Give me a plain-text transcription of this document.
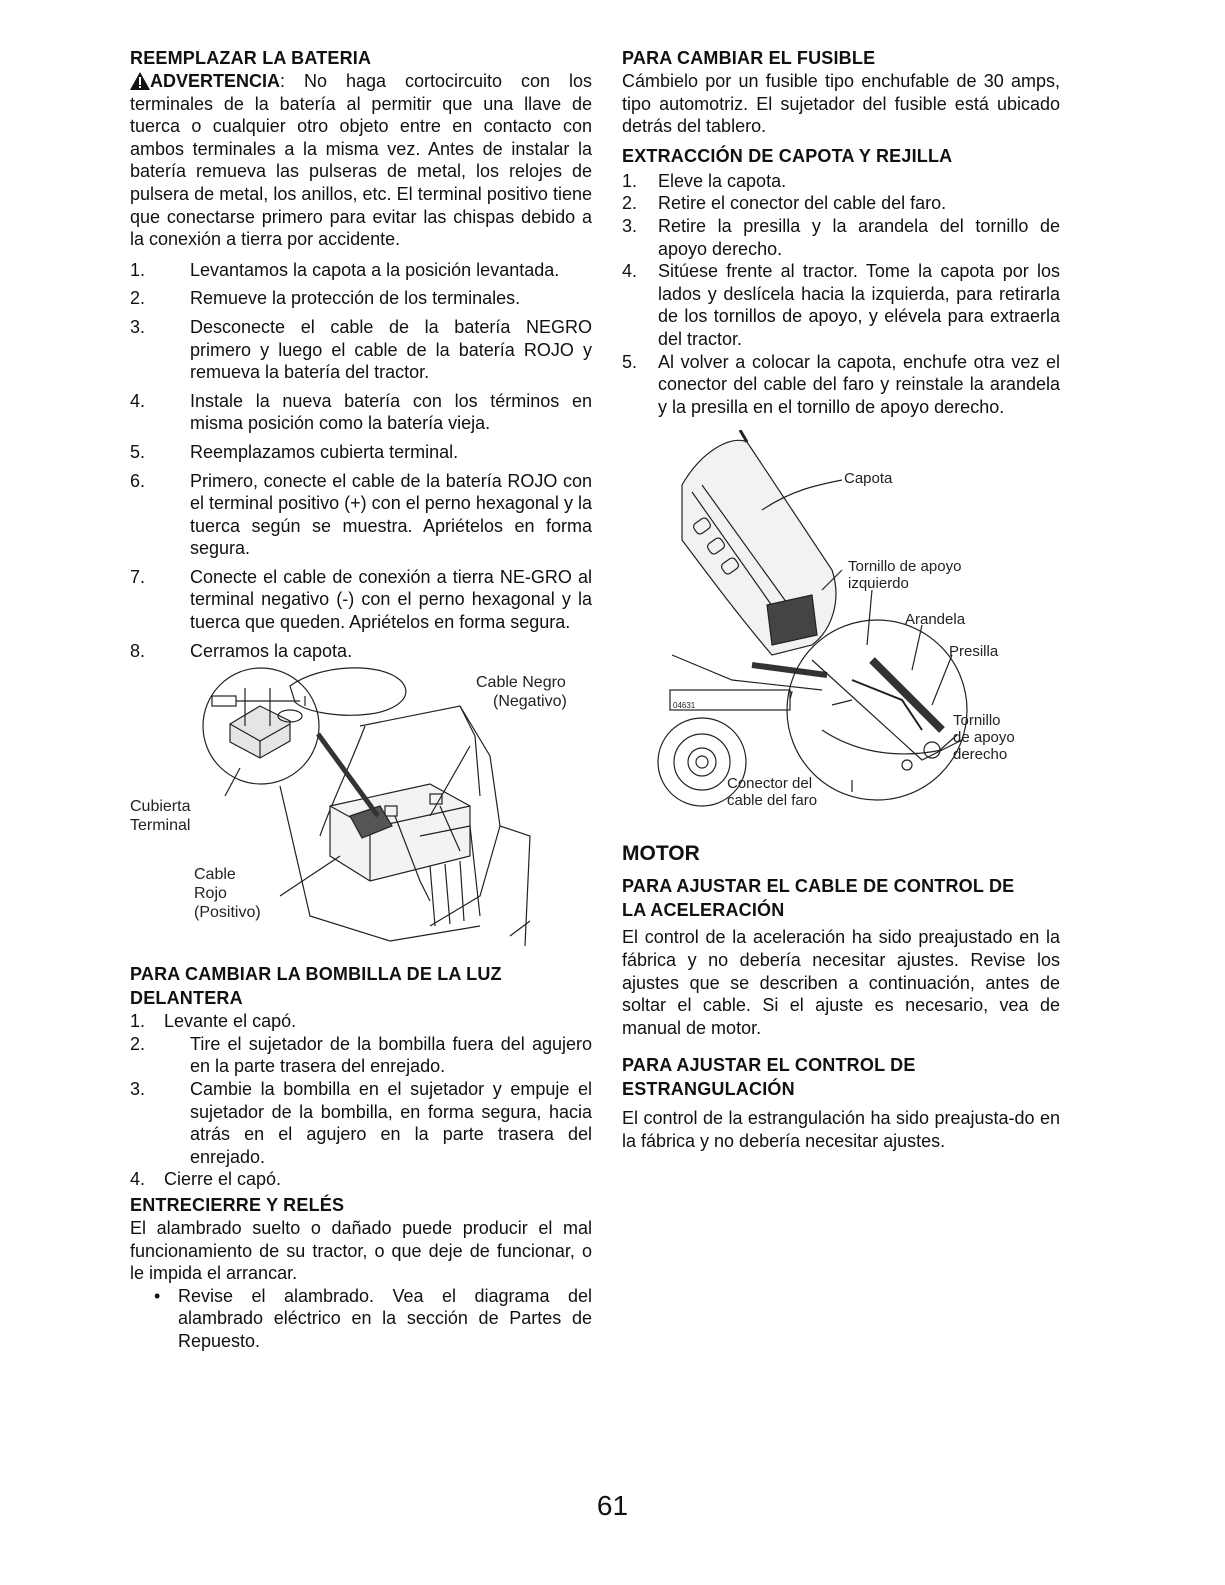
REEMPLAZAR LA BATERIA

ADVERTENCIA: No haga cortocircuito con los terminales de la batería al permitir que una llave de tuerca o cualquier otro objeto entre en contacto con ambos terminales a la misma vez. Antes de instalar la batería remueva las pulseras de metal, los relojes de pulsera de metal, los anillos, etc. El terminal positivo tiene que conectarse primero para evitar las chispas debido a la conexión a tierra por accidente.

1.	Levantamos la capota a la posición levantada.
2.	Remueve la protección de los terminales.
3.	Desconecte el cable de la batería NEGRO primero y luego el cable de la batería ROJO y remueva la batería del tractor.
4.	Instale la nueva batería con los términos en misma posición como la batería vieja.
5.	Reemplazamos cubierta terminal.
6.	Primero, conecte el cable de la batería ROJO con el terminal positivo (+) con el perno hexagonal y la tuerca según se muestra. Apriételos en forma segura.
7.	Conecte el cable de conexión a tierra NE-GRO al terminal negativo (-) con el perno hexagonal y la tuerca que queden. Apriételos en forma segura.
8.	Cerramos la capota.
Cable Negro
(Negativo)
Cubierta
Terminal
Cable
Rojo
(Positivo)
PARA CAMBIAR LA BOMBILLA DE LA LUZ
DELANTERA
1.	Levante el capó.
2.	Tire el sujetador de la bombilla fuera del agujero en la parte trasera del enrejado.
3.	Cambie la bombilla en el sujetador y empuje el sujetador de la bombilla, en forma segura, hacia atrás en el agujero en la parte trasera del enrejado.
4.	Cierre el capó.
ENTRECIERRE Y RELÉS

El alambrado suelto o dañado puede producir el mal funcionamiento de su tractor, o que deje de funcionar, o le impida el arrancar.

• Revise el alambrado. Vea el diagrama del alambrado eléctrico en la sección de Partes de Repuesto.
PARA CAMBIAR EL FUSIBLE

Cámbielo por un fusible tipo enchufable de 30 amps, tipo automotriz. El sujetador del fusible está ubicado detrás del tablero.

EXTRACCIÓN DE CAPOTA Y REJILLA
1.	Eleve la capota.
2.	Retire el conector del cable del faro.
3.	Retire la presilla y la arandela del tornillo de apoyo derecho.
4.	Sitúese frente al tractor. Tome la capota por los lados y deslícela hacia la izquierda, para retirarla de los tornillos de apoyo, y elévela para extraerla del tractor.
5.	Al volver a colocar la capota, enchufe otra vez el conector del cable del faro y reinstale la arandela y la presilla en el tornillo de apoyo derecho.
04631
Capota
Tornillo de apoyo
izquierdo
Arandela
Presilla
Tornillo
de apoyo
derecho
Conector del
cable del faro
MOTOR
PARA AJUSTAR EL CABLE DE CONTROL DE
LA ACELERACIÓN

El control de la aceleración ha sido preajustado en la fábrica y no debería necesitar ajustes. Revise los ajustes que se describen a continuación, antes de soltar el cable. Si el ajuste es necesario, vea de manual de motor.

PARA AJUSTAR EL CONTROL DE
ESTRANGULACIÓN

El control de la estrangulación ha sido preajusta-do en la fábrica y no debería necesitar ajustes.

61
